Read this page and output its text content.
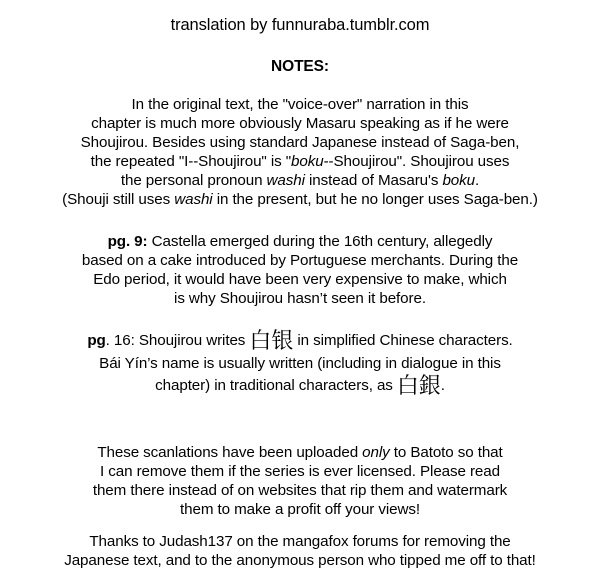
translation by funnuraba.tumblr.com
NOTES:
In the original text, the "voice-over" narration in this
chapter is much more obviously Masaru speaking as if he were
Shoujirou. Besides using standard Japanese instead of Saga-ben,
the repeated "I--Shoujirou" is "boku--Shoujirou". Shoujirou uses
the personal pronoun washi instead of Masaru's boku.
(Shouji still uses washi in the present, but he no longer uses Saga-ben.)
pg. 9: Castella emerged during the 16th century, allegedly
based on a cake introduced by Portuguese merchants. During the
Edo period, it would have been very expensive to make, which
is why Shoujirou hasn’t seen it before.
pg. 16: Shoujirou writes 白银 in simplified Chinese characters.
Bái Yín’s name is usually written (including in dialogue in this
chapter) in traditional characters, as 白銀.
These scanlations have been uploaded only to Batoto so that
I can remove them if the series is ever licensed. Please read
them there instead of on websites that rip them and watermark
them to make a profit off your views!
Thanks to Judash137 on the mangafox forums for removing the
Japanese text, and to the anonymous person who tipped me off to that!
